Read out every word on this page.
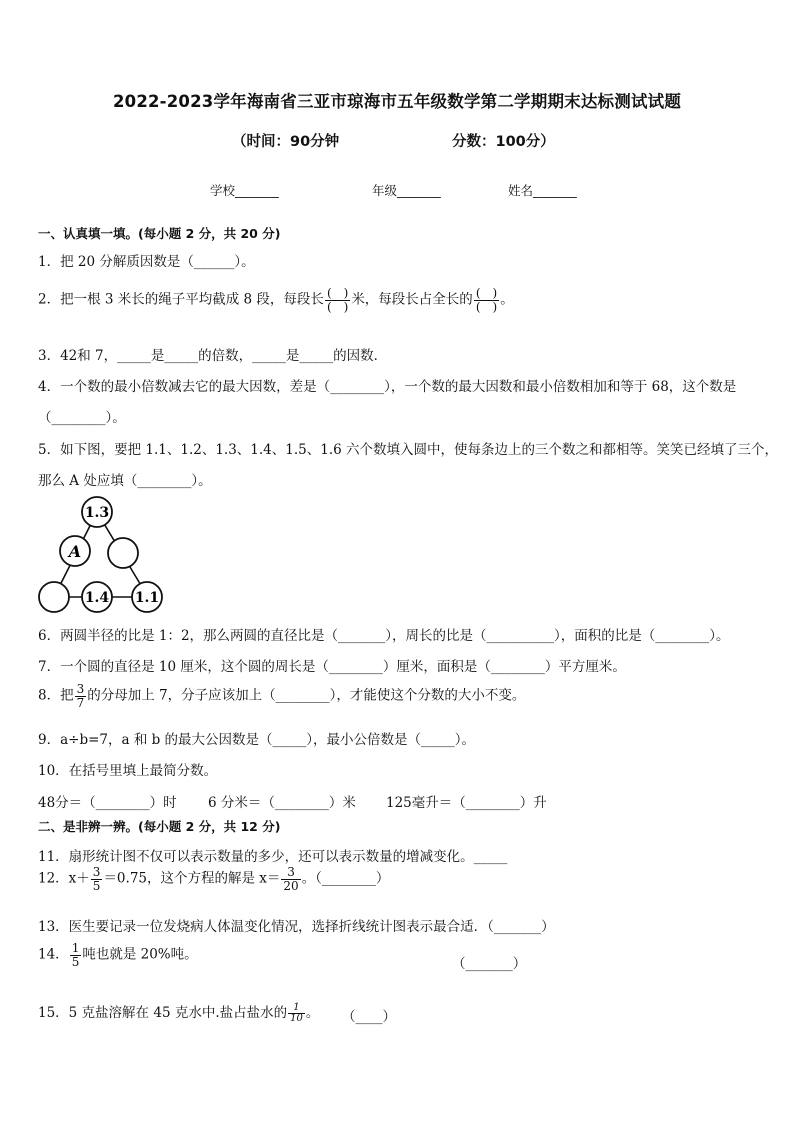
2022-2023学年海南省三亚市琼海市五年级数学第二学期期末达标测试试题
（时间：90分钟	分数：100分）
学校_______	年级_______	姓名_______
一、认真填一填。(每小题 2 分，共 20 分)
1．把 20 分解质因数是（______）。
2．把一根 3 米长的绳子平均截成 8 段，每段长 $\frac{( )}{( )}$ 米，每段长占全长的 $\frac{( )}{( )}$ 。
3．42和 7，_____是_____的倍数，_____是_____的因数．
4．一个数的最小倍数减去它的最大因数，差是（________），一个数的最大因数和最小倍数相加和等于 68，这个数是
（________）。
5．如下图，要把 1.1、1.2、1.3、1.4、1.5、1.6 六个数填入圆中，使每条边上的三个数之和都相等。笑笑已经填了三个，
那么 A 处应填（________）。
1.3
A
1.4 1.1
6．两圆半径的比是 1：2，那么两圆的直径比是（_______），周长的比是（__________），面积的比是（________）。
7．一个圆的直径是 10 厘米，这个圆的周长是（________）厘米，面积是（________）平方厘米。
8．把 $\frac{3}{7}$ 的分母加上 7，分子应该加上（________），才能使这个分数的大小不变。
9．a÷b=7，a 和 b 的最大公因数是（_____），最小公倍数是（_____）。
10．在括号里填上最简分数。
48分＝（________）时 6 分米＝（________）米 125毫升＝（________）升
二、是非辨一辨。(每小题 2 分，共 12 分)
11．扇形统计图不仅可以表示数量的多少，还可以表示数量的增减变化。_____
12．$x+ \frac{3}{5} =0.75$，这个方程的解是 $x= \frac{3}{20}$ 。（________）
13．医生要记录一位发烧病人体温变化情况，选择折线统计图表示最合适．（_______）
14． $\frac{1}{5}$ 吨也就是 20%吨。
（_______）
15．5 克盐溶解在 45 克水中.盐占盐水的 $\frac{1}{10}$ 。 （____）
